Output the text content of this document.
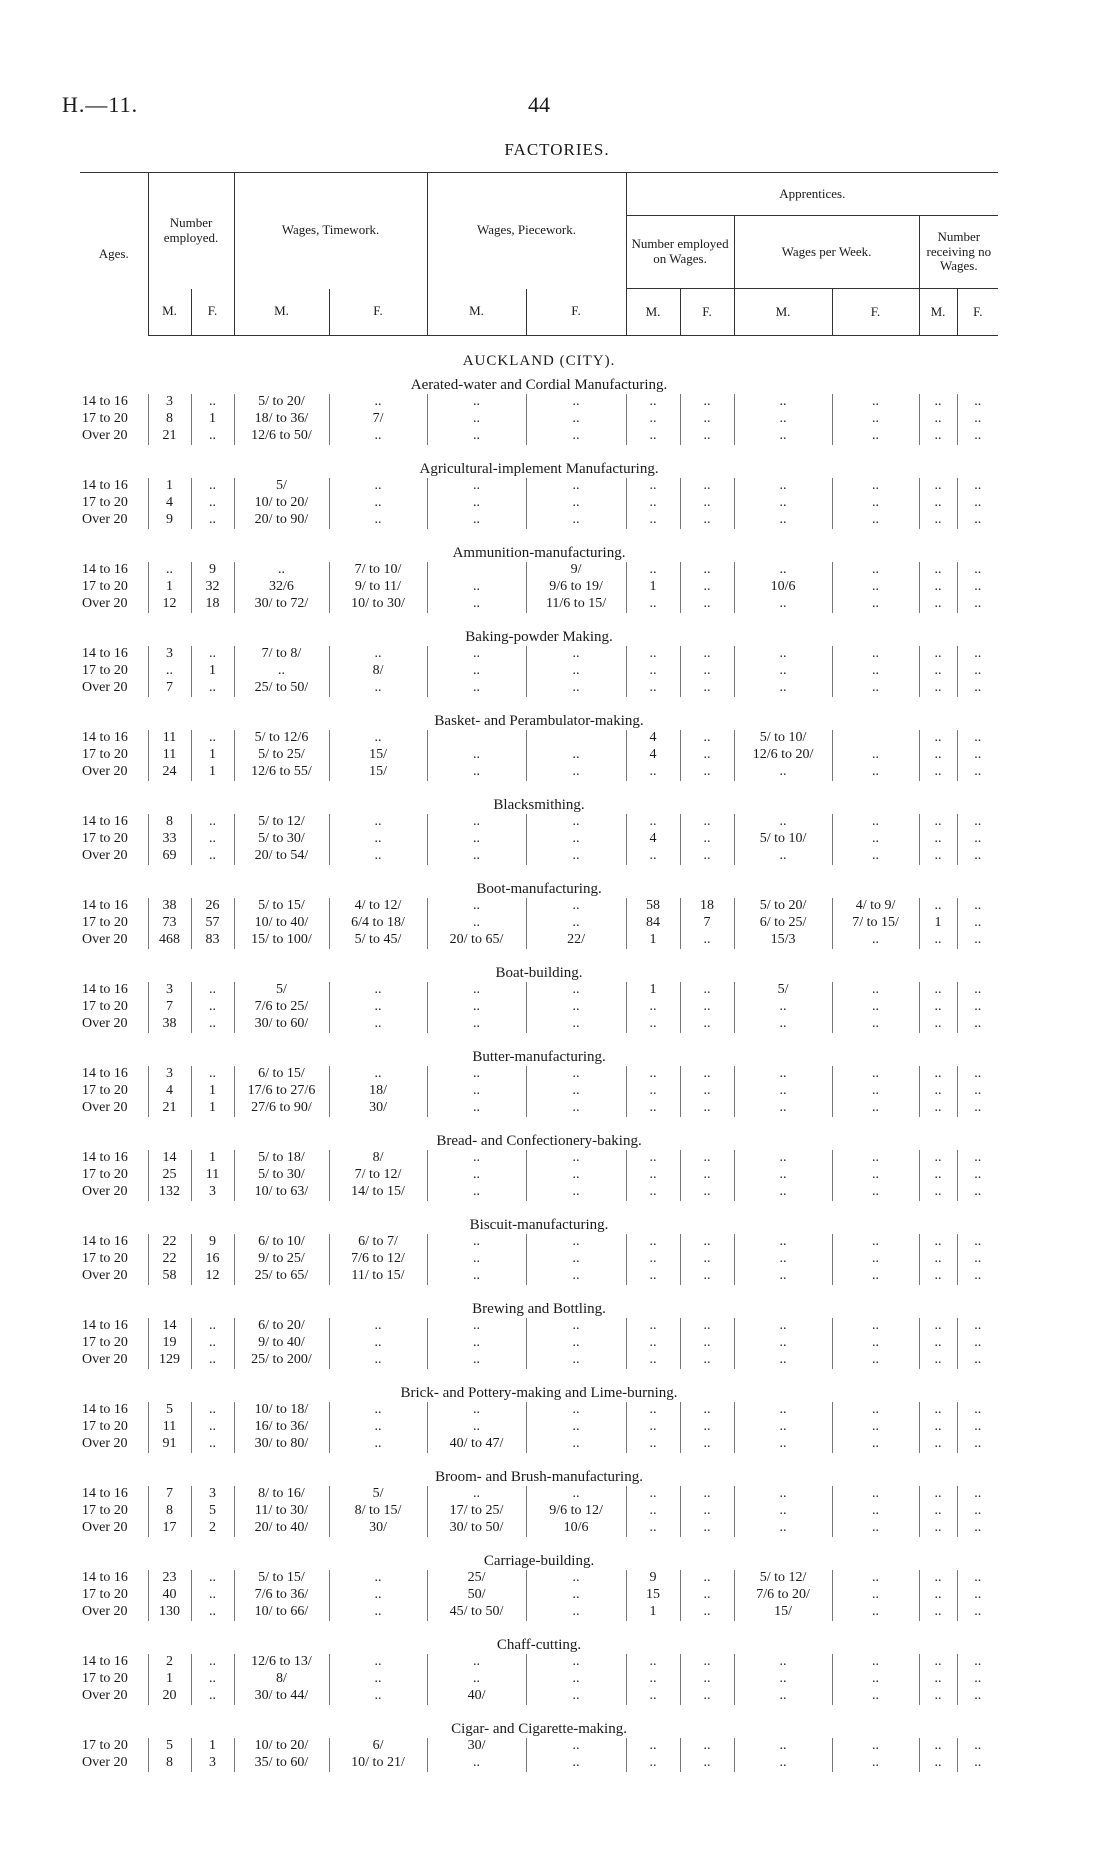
H.—11.	44
FACTORIES.
Ages.	Number employed.		Wages, Timework.		Wages, Piecework.		Apprentices.					
							Number employed on Wages.		Wages per Week.		Number receiving no Wages.	
	M.	F.	M.	F.	M.	F.	M.	F.	M.	F.	M.	F.
AUCKLAND (CITY).												
Aerated-water and Cordial Manufacturing.												
14 to 16	3	..	5/ to 20/	..	..	..	..	..	..	..	..	..
17 to 20	8	1	18/ to 36/	7/	..	..	..	..	..	..	..	..
Over 20	21	..	12/6 to 50/	..	..	..	..	..	..	..	..	..

Agricultural-implement Manufacturing.												
14 to 16	1	..	5/	..	..	..	..	..	..	..	..	..
17 to 20	4	..	10/ to 20/	..	..	..	..	..	..	..	..	..
Over 20	9	..	20/ to 90/	..	..	..	..	..	..	..	..	..

Ammunition-manufacturing.												
14 to 16	..	9	..	7/ to 10/		9/	..	..	..	..	..	..
17 to 20	1	32	32/6	9/ to 11/	..	9/6 to 19/	1	..	10/6	..	..	..
Over 20	12	18	30/ to 72/	10/ to 30/	..	11/6 to 15/	..	..	..	..	..	..

Baking-powder Making.												
14 to 16	3	..	7/ to 8/	..	..	..	..	..	..	..	..	..
17 to 20	..	1	..	8/	..	..	..	..	..	..	..	..
Over 20	7	..	25/ to 50/	..	..	..	..	..	..	..	..	..

Basket- and Perambulator-making.												
14 to 16	11	..	5/ to 12/6	..			4	..	5/ to 10/		..	..
17 to 20	11	1	5/ to 25/	15/	..	..	4	..	12/6 to 20/	..	..	..
Over 20	24	1	12/6 to 55/	15/	..	..	..	..	..	..	..	..

Blacksmithing.												
14 to 16	8	..	5/ to 12/	..	..	..	..	..	..	..	..	..
17 to 20	33	..	5/ to 30/	..	..	..	4	..	5/ to 10/	..	..	..
Over 20	69	..	20/ to 54/	..	..	..	..	..	..	..	..	..

Boot-manufacturing.												
14 to 16	38	26	5/ to 15/	4/ to 12/	..	..	58	18	5/ to 20/	4/ to 9/	..	..
17 to 20	73	57	10/ to 40/	6/4 to 18/	..	..	84	7	6/ to 25/	7/ to 15/	1	..
Over 20	468	83	15/ to 100/	5/ to 45/	20/ to 65/	22/	1	..	15/3	..	..	..

Boat-building.												
14 to 16	3	..	5/	..	..	..	1	..	5/	..	..	..
17 to 20	7	..	7/6 to 25/	..	..	..	..	..	..	..	..	..
Over 20	38	..	30/ to 60/	..	..	..	..	..	..	..	..	..

Butter-manufacturing.												
14 to 16	3	..	6/ to 15/	..	..	..	..	..	..	..	..	..
17 to 20	4	1	17/6 to 27/6	18/	..	..	..	..	..	..	..	..
Over 20	21	1	27/6 to 90/	30/	..	..	..	..	..	..	..	..

Bread- and Confectionery-baking.												
14 to 16	14	1	5/ to 18/	8/	..	..	..	..	..	..	..	..
17 to 20	25	11	5/ to 30/	7/ to 12/	..	..	..	..	..	..	..	..
Over 20	132	3	10/ to 63/	14/ to 15/	..	..	..	..	..	..	..	..

Biscuit-manufacturing.												
14 to 16	22	9	6/ to 10/	6/ to 7/	..	..	..	..	..	..	..	..
17 to 20	22	16	9/ to 25/	7/6 to 12/	..	..	..	..	..	..	..	..
Over 20	58	12	25/ to 65/	11/ to 15/	..	..	..	..	..	..	..	..

Brewing and Bottling.												
14 to 16	14	..	6/ to 20/	..	..	..	..	..	..	..	..	..
17 to 20	19	..	9/ to 40/	..	..	..	..	..	..	..	..	..
Over 20	129	..	25/ to 200/	..	..	..	..	..	..	..	..	..

Brick- and Pottery-making and Lime-burning.												
14 to 16	5	..	10/ to 18/	..	..	..	..	..	..	..	..	..
17 to 20	11	..	16/ to 36/	..	..	..	..	..	..	..	..	..
Over 20	91	..	30/ to 80/	..	40/ to 47/	..	..	..	..	..	..	..

Broom- and Brush-manufacturing.												
14 to 16	7	3	8/ to 16/	5/	..	..	..	..	..	..	..	..
17 to 20	8	5	11/ to 30/	8/ to 15/	17/ to 25/	9/6 to 12/	..	..	..	..	..	..
Over 20	17	2	20/ to 40/	30/	30/ to 50/	10/6	..	..	..	..	..	..

Carriage-building.												
14 to 16	23	..	5/ to 15/	..	25/	..	9	..	5/ to 12/	..	..	..
17 to 20	40	..	7/6 to 36/	..	50/	..	15	..	7/6 to 20/	..	..	..
Over 20	130	..	10/ to 66/	..	45/ to 50/	..	1	..	15/	..	..	..

Chaff-cutting.												
14 to 16	2	..	12/6 to 13/	..	..	..	..	..	..	..	..	..
17 to 20	1	..	8/	..	..	..	..	..	..	..	..	..
Over 20	20	..	30/ to 44/	..	40/	..	..	..	..	..	..	..

Cigar- and Cigarette-making.												
17 to 20	5	1	10/ to 20/	6/	30/	..	..	..	..	..	..	..
Over 20	8	3	35/ to 60/	10/ to 21/	..	..	..	..	..	..	..	..
